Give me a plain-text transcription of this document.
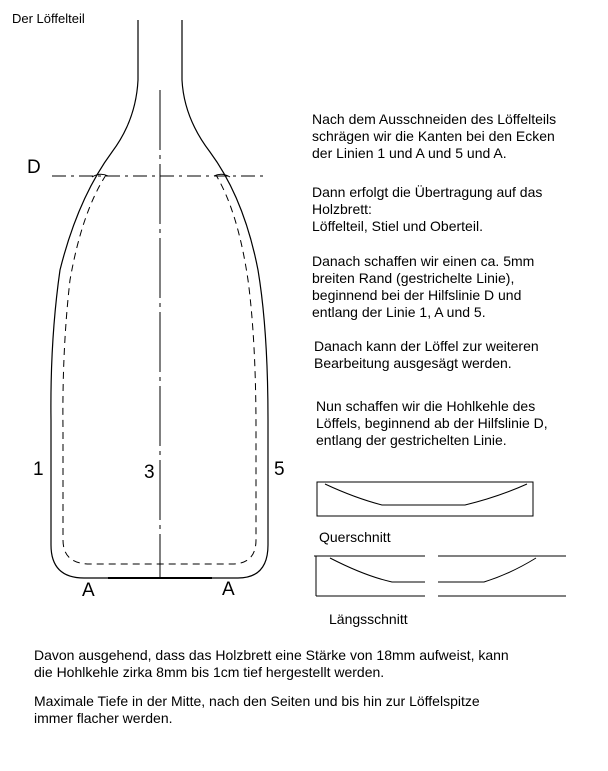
Der Löffelteil
D
1	3	5
A	A
Nach dem Ausschneiden des Löffelteils
schrägen wir die Kanten bei den Ecken
der Linien 1 und A und 5 und A.
Dann erfolgt die Übertragung auf das
Holzbrett:
Löffelteil, Stiel und Oberteil.
Danach schaffen wir einen ca. 5mm
breiten Rand (gestrichelte Linie),
beginnend bei der Hilfslinie D und
entlang der Linie 1, A und 5.
Danach kann der Löffel zur weiteren
Bearbeitung ausgesägt werden.
Nun schaffen wir die Hohlkehle des
Löffels, beginnend ab der Hilfslinie D,
entlang der gestrichelten Linie.
Querschnitt
Längsschnitt
Davon ausgehend, dass das Holzbrett eine Stärke von 18mm aufweist, kann
die Hohlkehle zirka 8mm bis 1cm tief hergestellt werden.
Maximale Tiefe in der Mitte, nach den Seiten und bis hin zur Löffelspitze
immer flacher werden.
